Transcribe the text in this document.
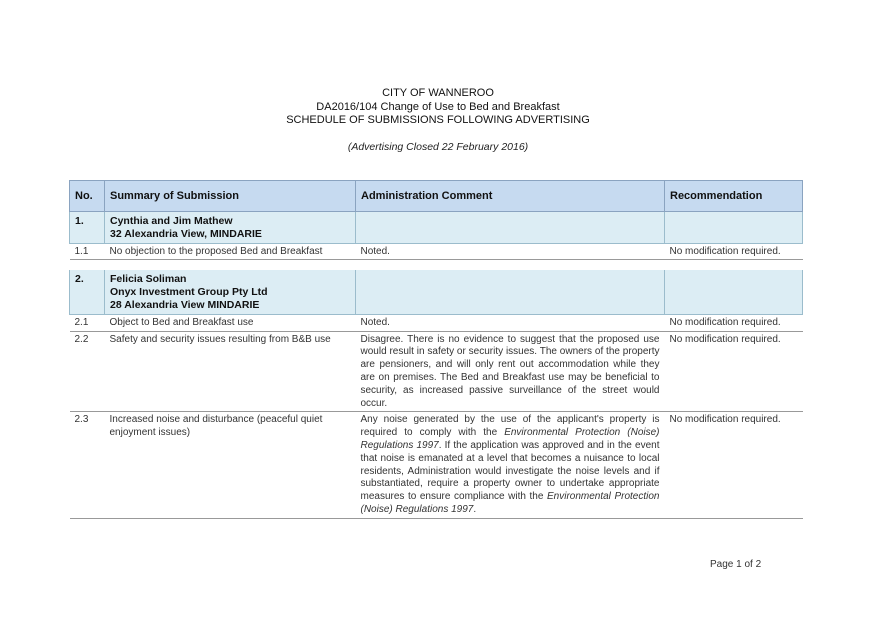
CITY OF WANNEROO
DA2016/104 Change of Use to Bed and Breakfast
SCHEDULE OF SUBMISSIONS FOLLOWING ADVERTISING
(Advertising Closed 22 February 2016)
No.	Summary of Submission	Administration Comment	Recommendation
1.	Cynthia and Jim Mathew
32 Alexandria View, MINDARIE		

1.1	No objection to the proposed Bed and Breakfast	Noted.	No modification required.

2.	Felicia Soliman
Onyx Investment Group Pty Ltd
28 Alexandria View MINDARIE		

2.1	Object to Bed and Breakfast use	Noted.	No modification required.
2.2	Safety and security issues resulting from B&B use	Disagree. There is no evidence to suggest that the proposed use would result in safety or security issues. The owners of the property are pensioners, and will only rent out accommodation while they are on premises. The Bed and Breakfast use may be beneficial to security, as increased passive surveillance of the street would occur.	No modification required.
2.3	Increased noise and disturbance (peaceful quiet enjoyment issues)	Any noise generated by the use of the applicant's property is required to comply with the Environmental Protection (Noise) Regulations 1997. If the application was approved and in the event that noise is emanated at a level that becomes a nuisance to local residents, Administration would investigate the noise levels and if substantiated, require a property owner to undertake appropriate measures to ensure compliance with the Environmental Protection (Noise) Regulations 1997.	No modification required.
Page 1 of 2
